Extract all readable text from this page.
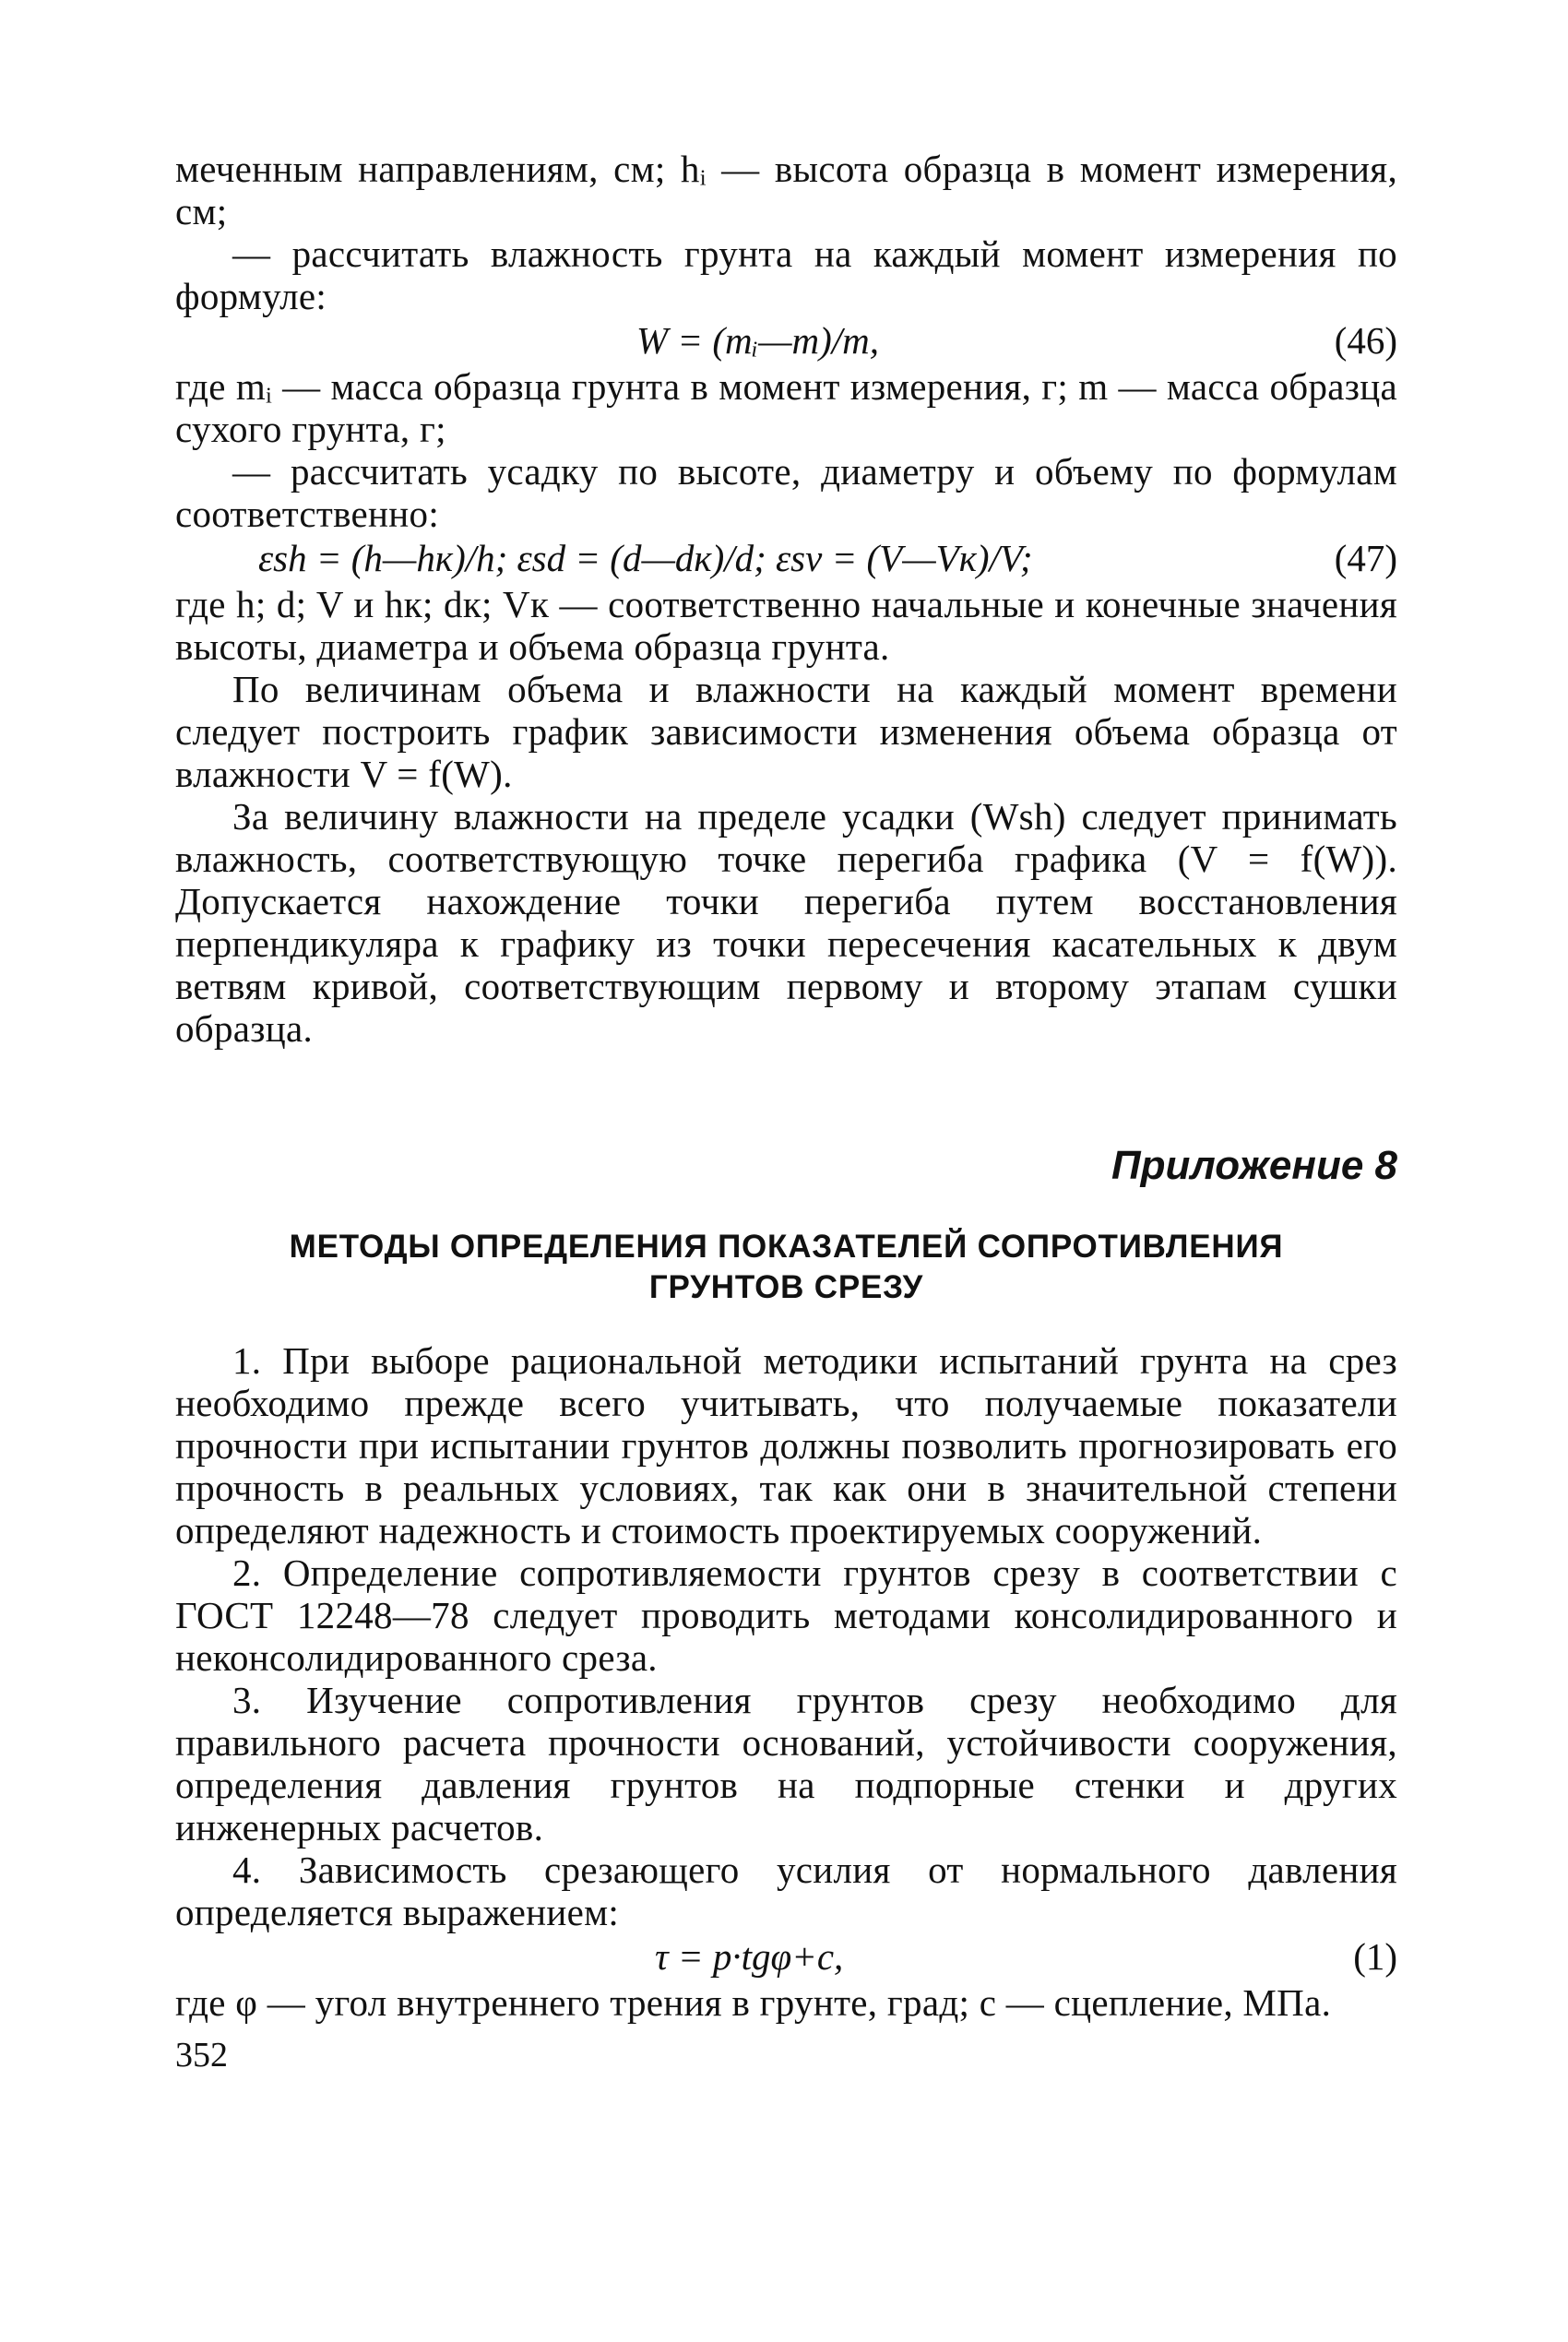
меченным направлениям, см; hᵢ — высота образца в момент измерения, см;

— рассчитать влажность грунта на каждый момент измерения по формуле:

W = (mᵢ—m)/m,	(46)

где mᵢ — масса образца грунта в момент измерения, г; m — масса образца сухого грунта, г;

— рассчитать усадку по высоте, диаметру и объему по формулам соответственно:

εsh = (h—hк)/h; εsd = (d—dк)/d; εsv = (V—Vк)/V;	(47)

где h; d; V и hк; dк; Vк — соответственно начальные и конечные значения высоты, диаметра и объема образца грунта.

По величинам объема и влажности на каждый момент времени следует построить график зависимости изменения объема образца от влажности V = f(W).

За величину влажности на пределе усадки (Wsh) следует принимать влажность, соответствующую точке перегиба графика (V = f(W)). Допускается нахождение точки перегиба путем восстановления перпендикуляра к графику из точки пересечения касательных к двум ветвям кривой, соответствующим первому и второму этапам сушки образца.

Приложение 8

МЕТОДЫ ОПРЕДЕЛЕНИЯ ПОКАЗАТЕЛЕЙ СОПРОТИВЛЕНИЯ
ГРУНТОВ СРЕЗУ

1. При выборе рациональной методики испытаний грунта на срез необходимо прежде всего учитывать, что получаемые показатели прочности при испытании грунтов должны позволить прогнозировать его прочность в реальных условиях, так как они в значительной степени определяют надежность и стоимость проектируемых сооружений.

2. Определение сопротивляемости грунтов срезу в соответствии с ГОСТ 12248—78 следует проводить методами консолидированного и неконсолидированного среза.

3. Изучение сопротивления грунтов срезу необходимо для правильного расчета прочности оснований, устойчивости сооружения, определения давления грунтов на подпорные стенки и других инженерных расчетов.

4. Зависимость срезающего усилия от нормального давления определяется выражением:

τ = p·tgφ+c,	(1)

где φ — угол внутреннего трения в грунте, град; c — сцепление, МПа.

352
